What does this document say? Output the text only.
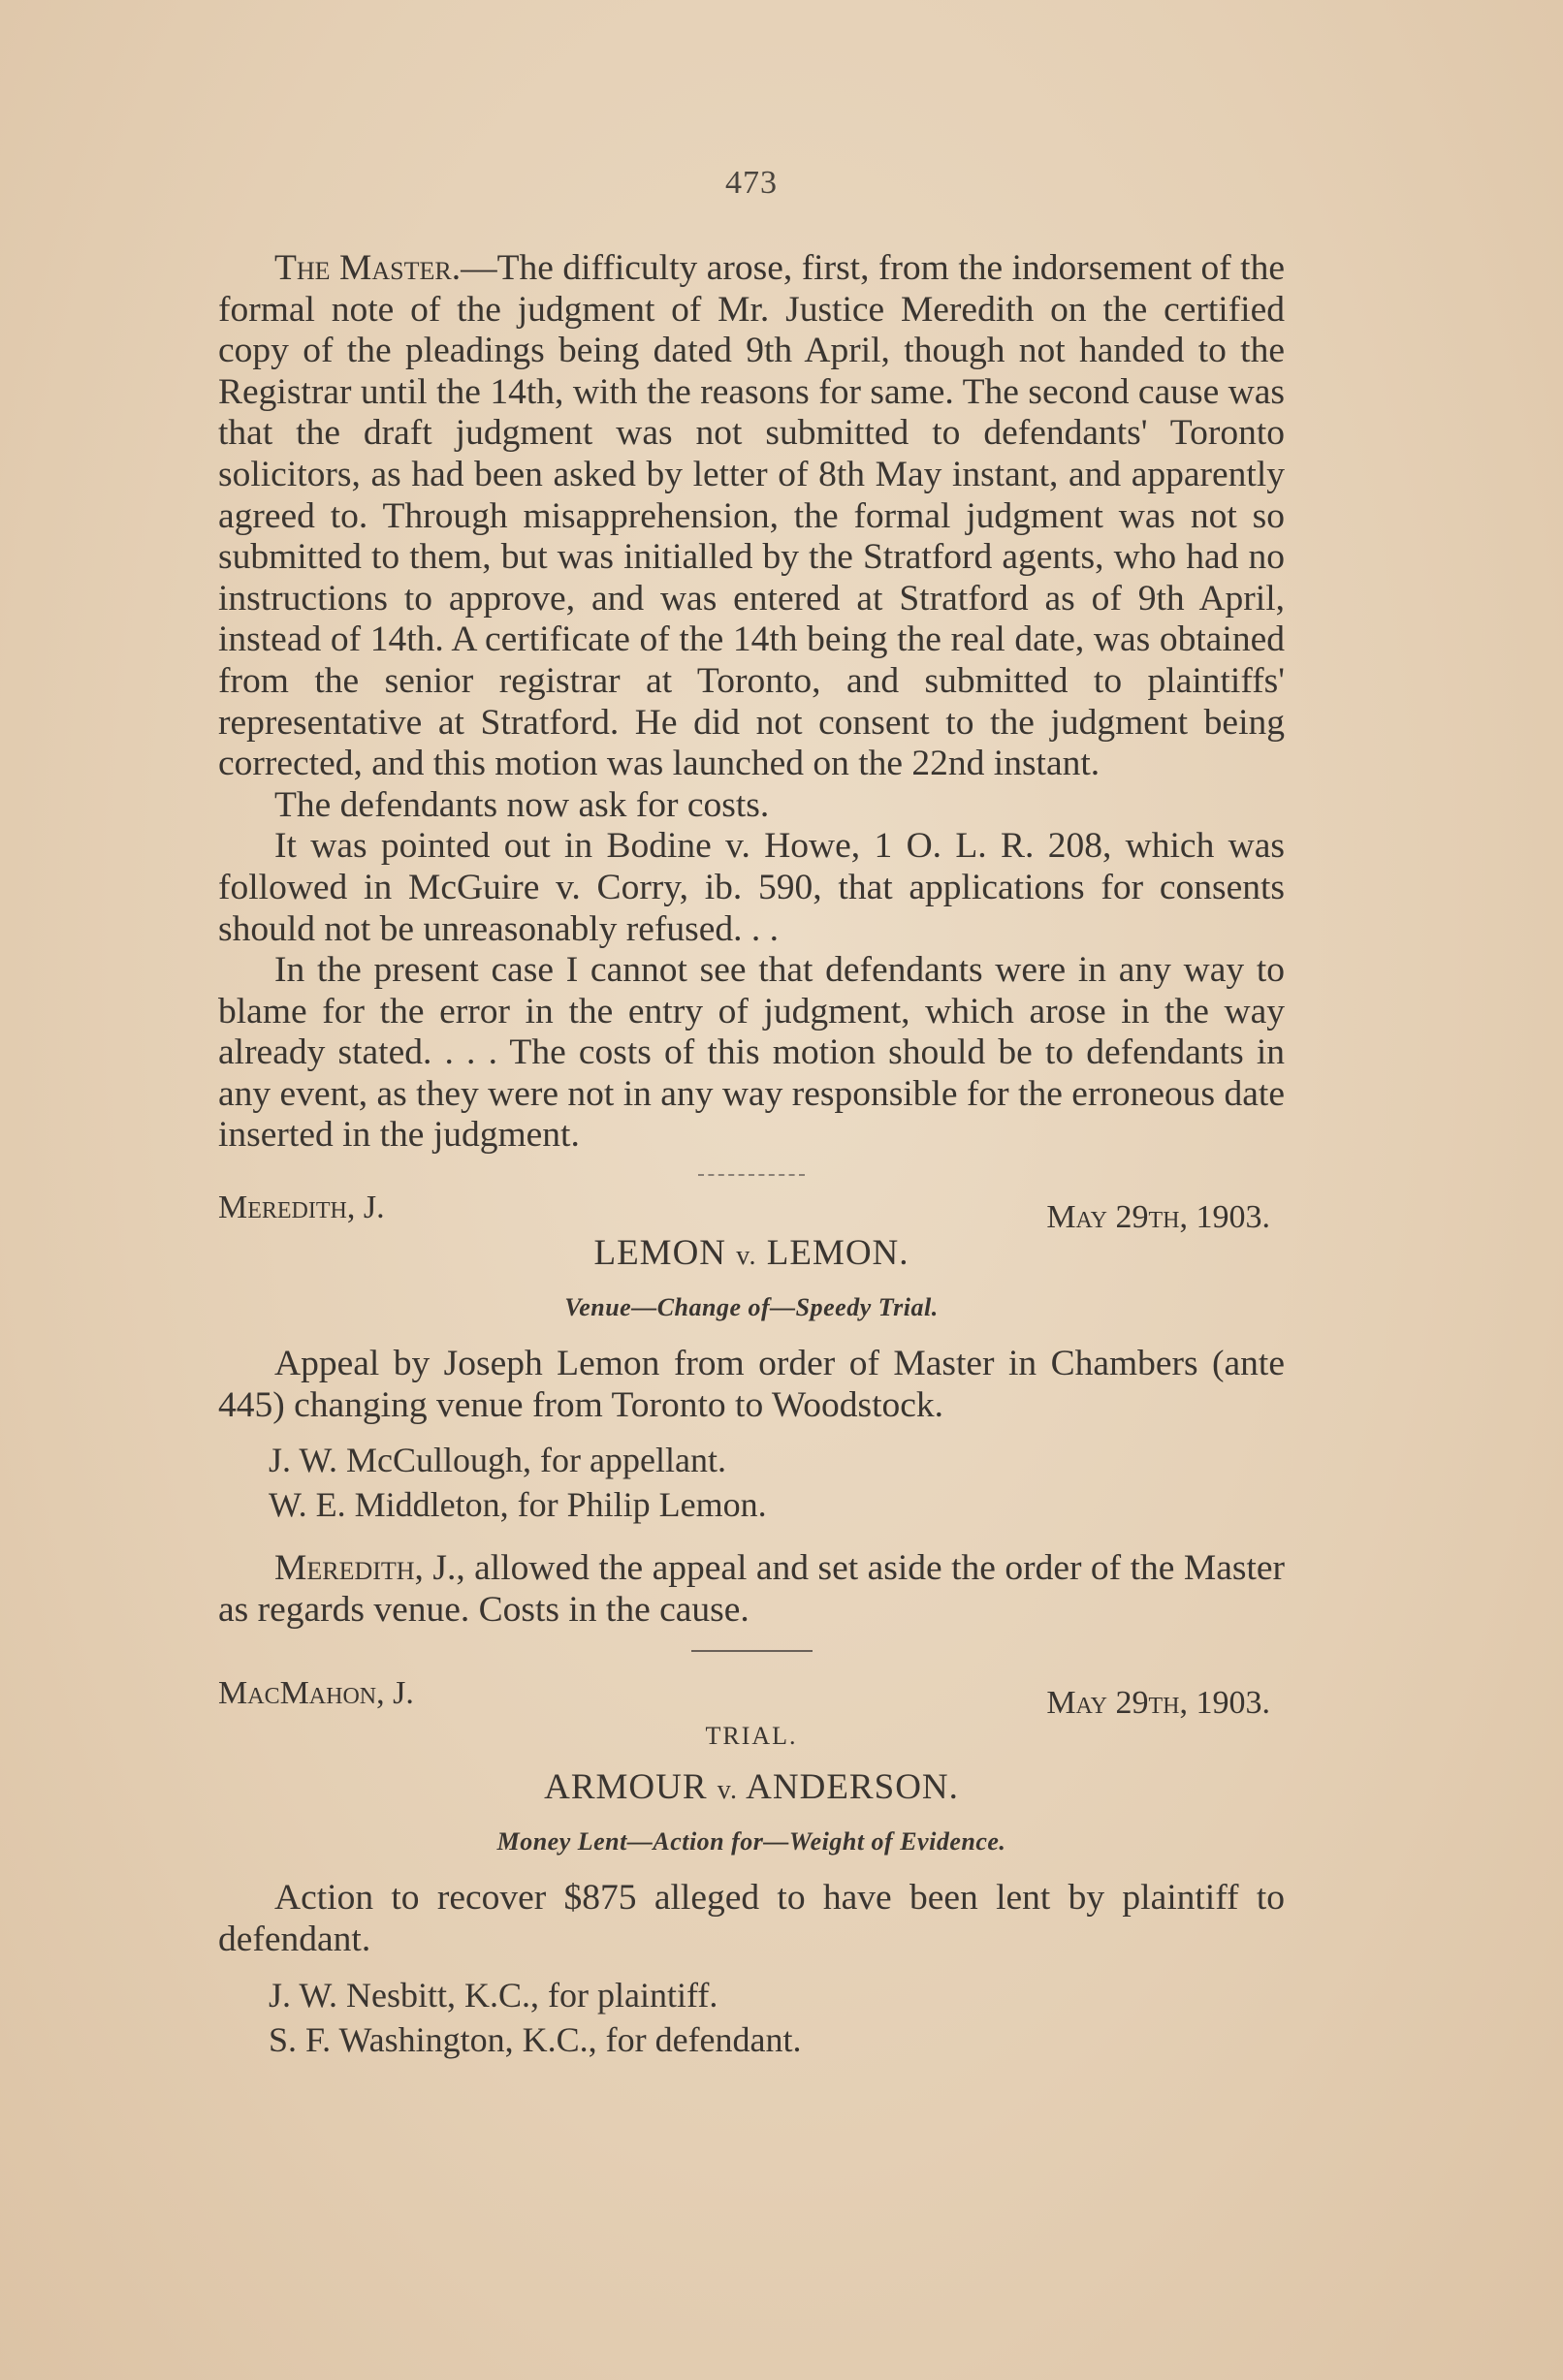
473

The Master.—The difficulty arose, first, from the indorsement of the formal note of the judgment of Mr. Justice Meredith on the certified copy of the pleadings being dated 9th April, though not handed to the Registrar until the 14th, with the reasons for same. The second cause was that the draft judgment was not submitted to defendants' Toronto solicitors, as had been asked by letter of 8th May instant, and apparently agreed to. Through misapprehension, the formal judgment was not so submitted to them, but was initialled by the Stratford agents, who had no instructions to approve, and was entered at Stratford as of 9th April, instead of 14th. A certificate of the 14th being the real date, was obtained from the senior registrar at Toronto, and submitted to plaintiffs' representative at Stratford. He did not consent to the judgment being corrected, and this motion was launched on the 22nd instant.

The defendants now ask for costs.

It was pointed out in Bodine v. Howe, 1 O. L. R. 208, which was followed in McGuire v. Corry, ib. 590, that applications for consents should not be unreasonably refused. . .

In the present case I cannot see that defendants were in any way to blame for the error in the entry of judgment, which arose in the way already stated. . . . The costs of this motion should be to defendants in any event, as they were not in any way responsible for the erroneous date inserted in the judgment.

Meredith, J.	May 29th, 1903.
LEMON v. LEMON.
Venue—Change of—Speedy Trial.

Appeal by Joseph Lemon from order of Master in Chambers (ante 445) changing venue from Toronto to Woodstock.

J. W. McCullough, for appellant.

W. E. Middleton, for Philip Lemon.

Meredith, J., allowed the appeal and set aside the order of the Master as regards venue. Costs in the cause.

MacMahon, J.	May 29th, 1903.
TRIAL.
ARMOUR v. ANDERSON.
Money Lent—Action for—Weight of Evidence.

Action to recover $875 alleged to have been lent by plaintiff to defendant.

J. W. Nesbitt, K.C., for plaintiff.

S. F. Washington, K.C., for defendant.
